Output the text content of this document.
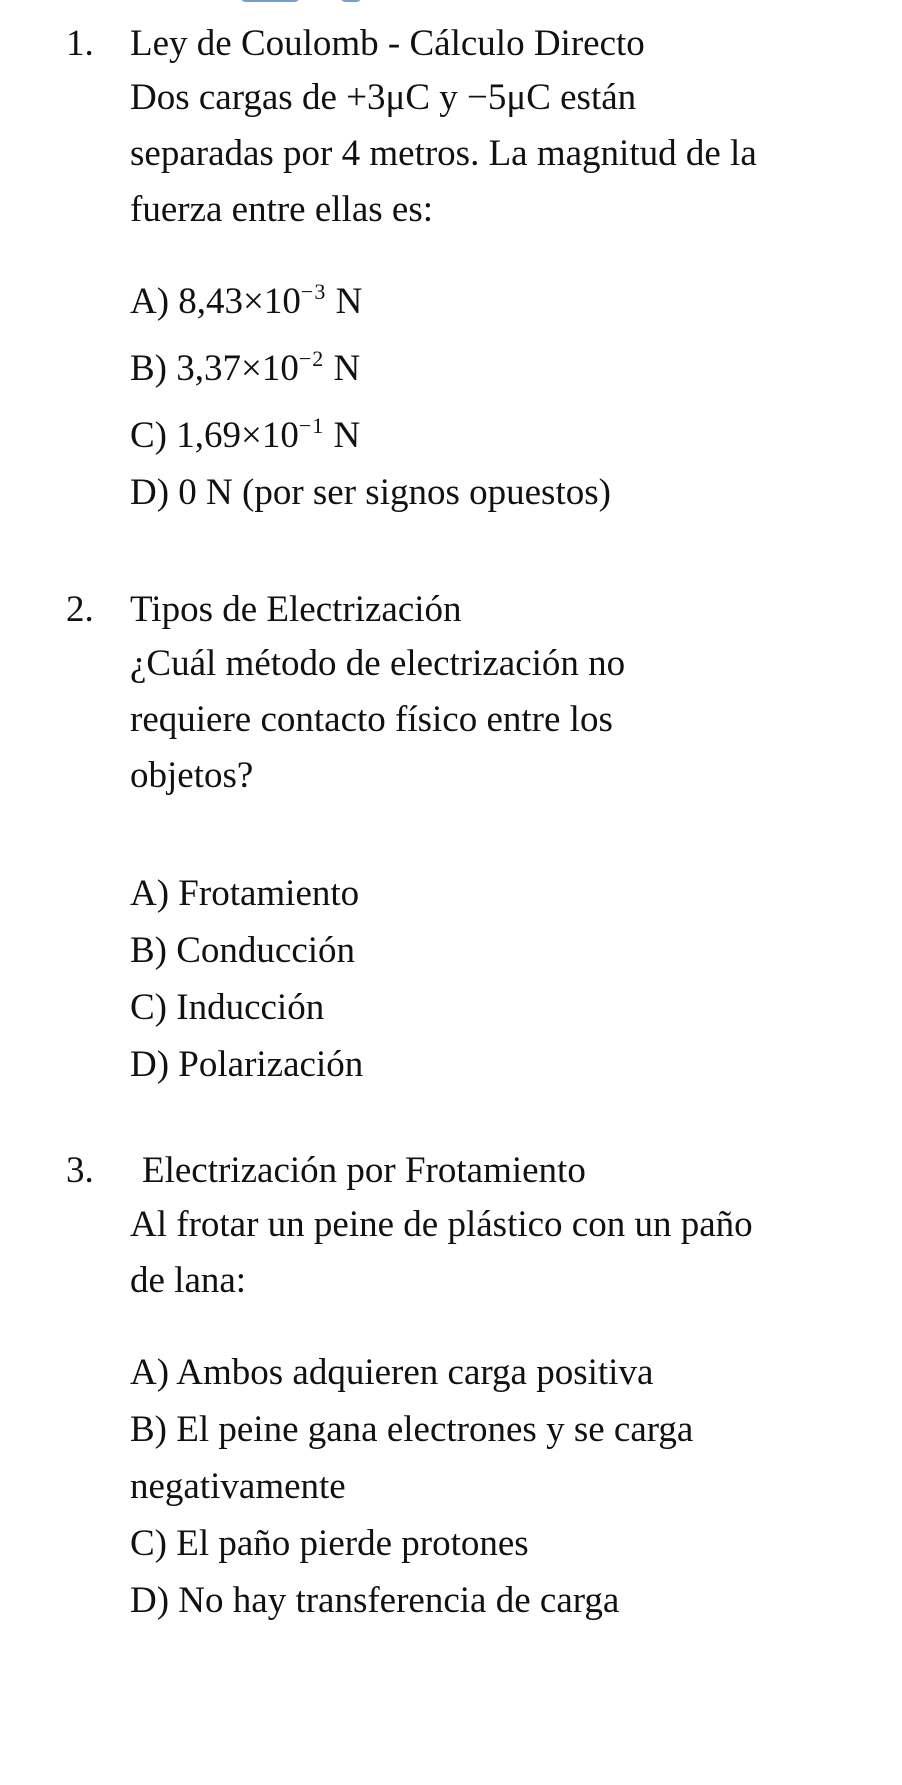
1. Ley de Coulomb - Cálculo Directo
Dos cargas de +3μC y −5μC están separadas por 4 metros. La magnitud de la fuerza entre ellas es:
A) $8,43\times 10^{-3}$ N
B) $3,37\times 10^{-2}$ N
C) $1,69\times 10^{-1}$ N
D) 0 N (por ser signos opuestos)
2. Tipos de Electrización
¿Cuál método de electrización no requiere contacto físico entre los objetos?
A) Frotamiento
B) Conducción
C) Inducción
D) Polarización
3. Electrización por Frotamiento
Al frotar un peine de plástico con un paño de lana:
A) Ambos adquieren carga positiva
B) El peine gana electrones y se carga negativamente
C) El paño pierde protones
D) No hay transferencia de carga
